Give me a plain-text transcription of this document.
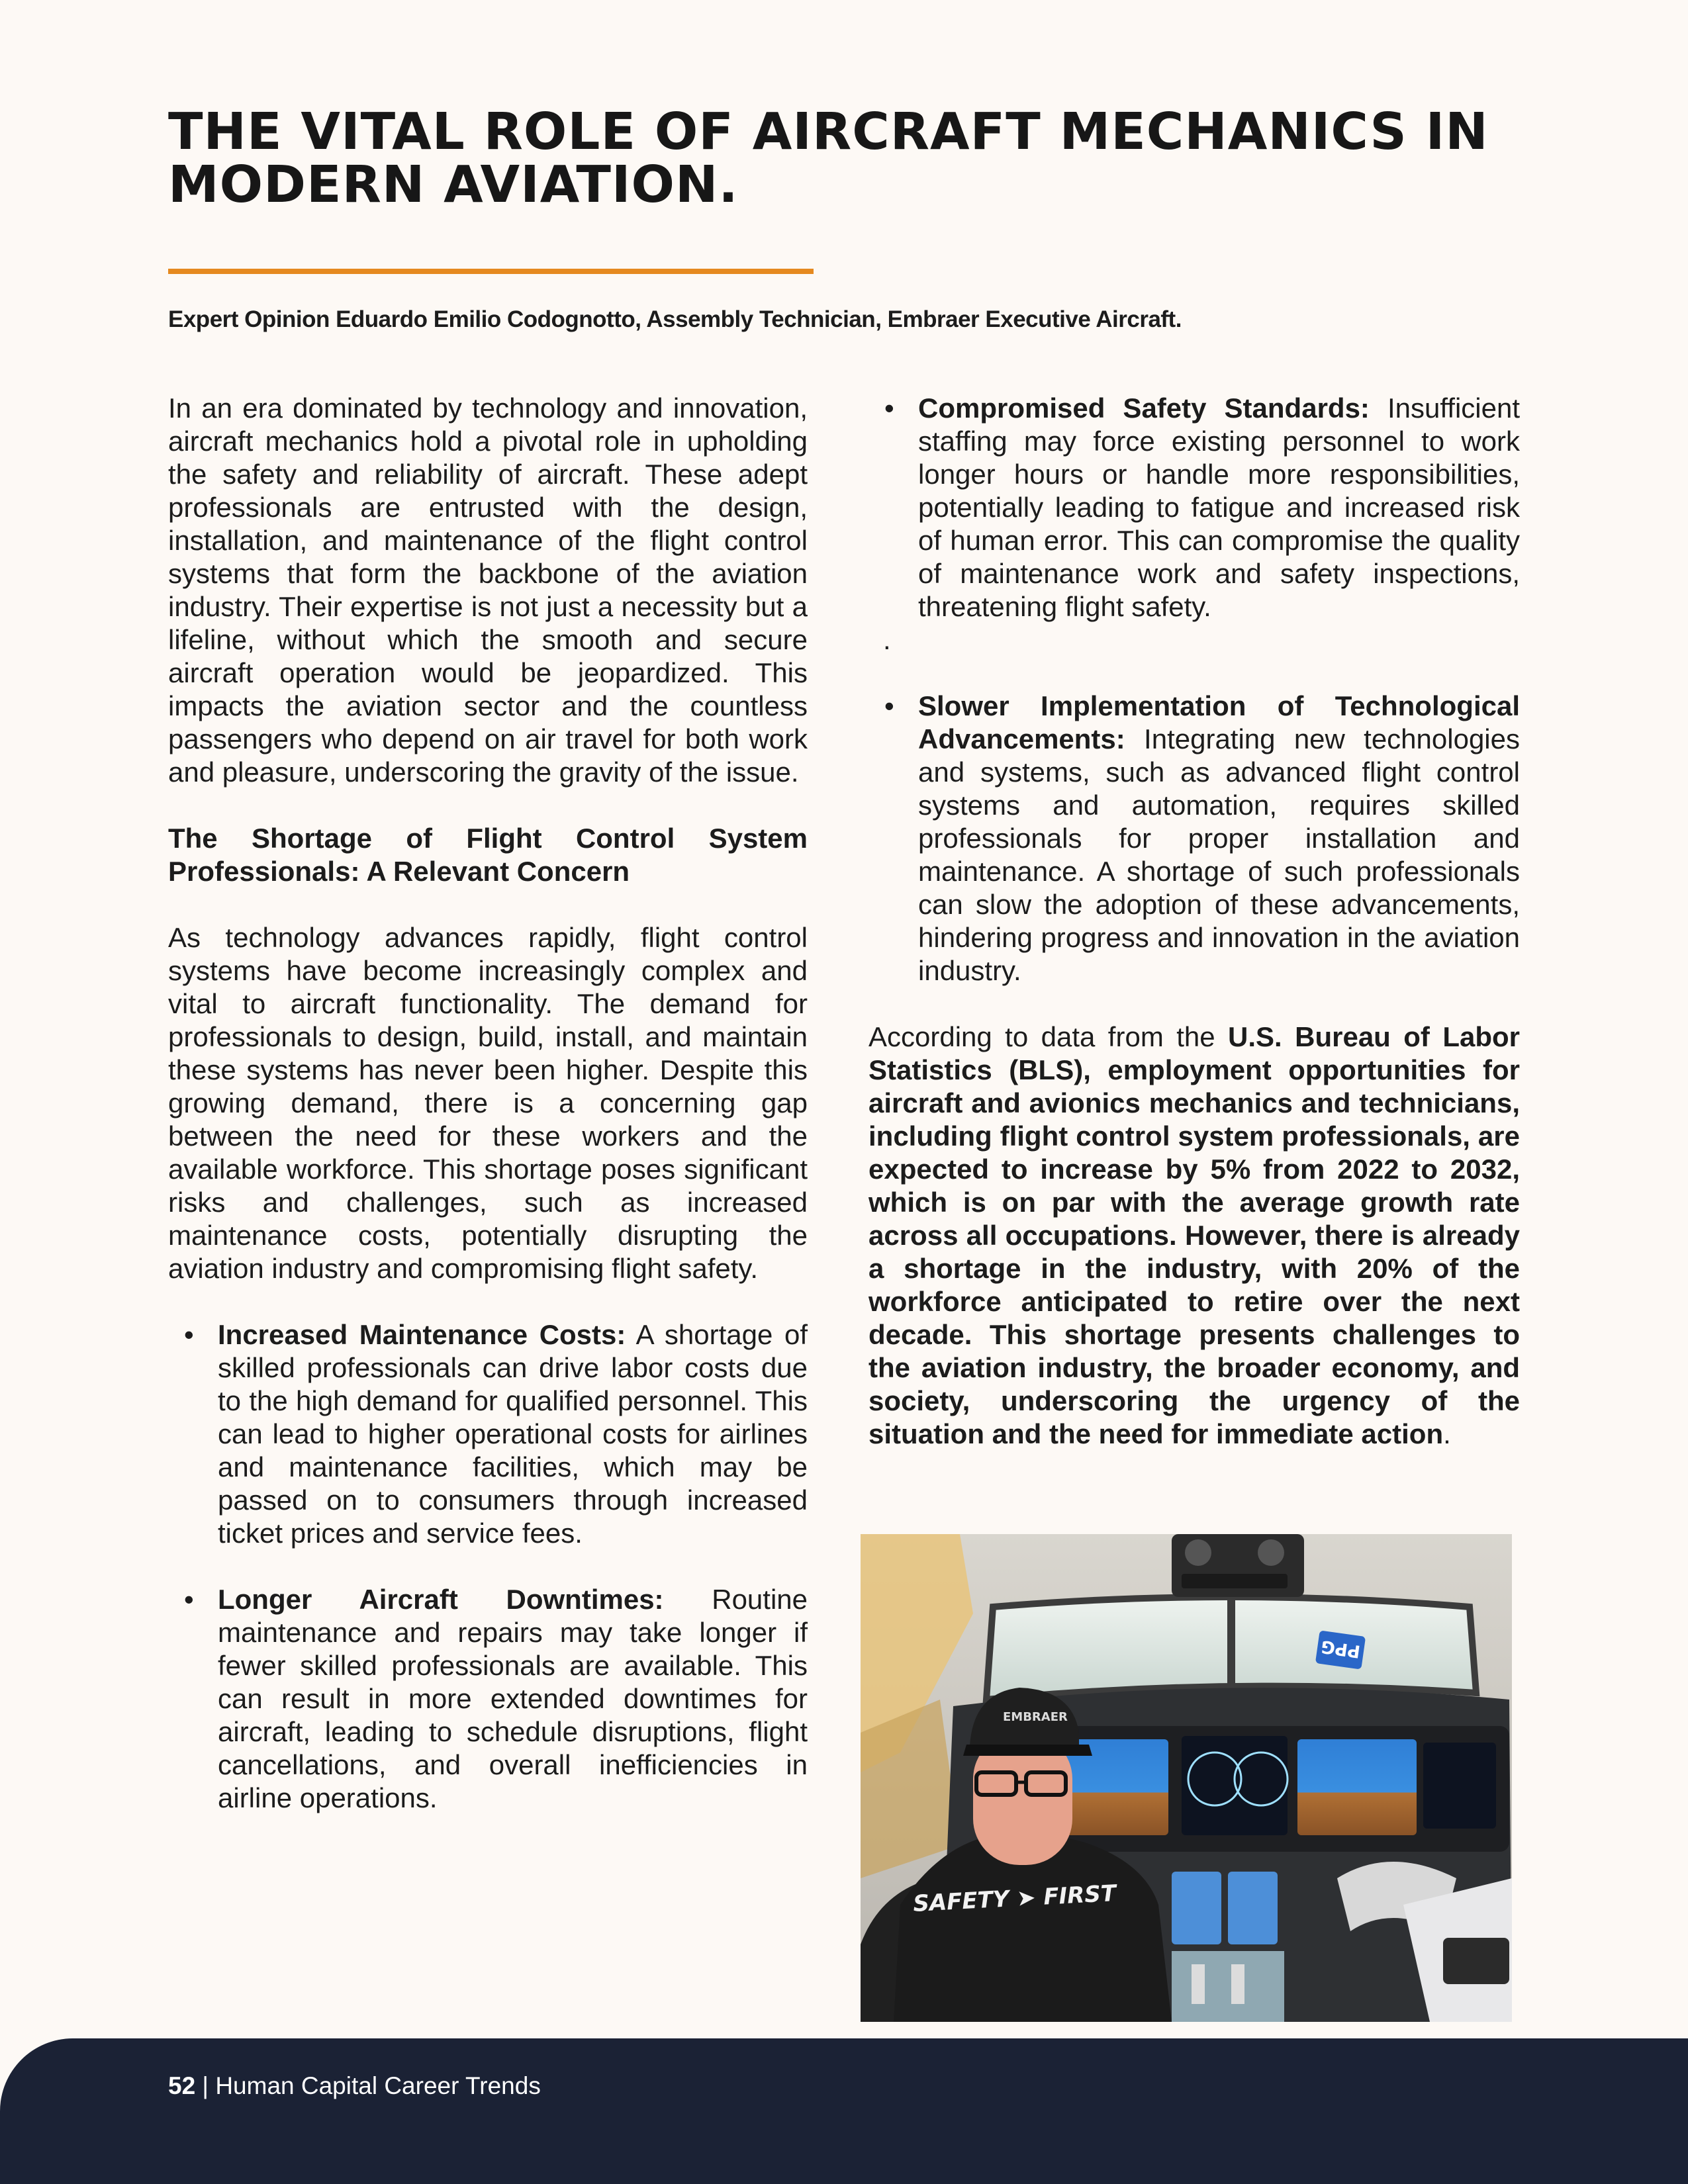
THE VITAL ROLE OF AIRCRAFT MECHANICS IN MODERN AVIATION.

Expert Opinion Eduardo Emilio Codognotto, Assembly Technician, Embraer Executive Aircraft.

In an era dominated by technology and innovation, aircraft mechanics hold a pivotal role in upholding the safety and reliability of aircraft. These adept professionals are entrusted with the design, installation, and maintenance of the flight control systems that form the backbone of the aviation industry. Their expertise is not just a necessity but a lifeline, without which the smooth and secure aircraft operation would be jeopardized. This impacts the aviation sector and the countless passengers who depend on air travel for both work and pleasure, underscoring the gravity of the issue.

The Shortage of Flight Control System Professionals: A Relevant Concern

As technology advances rapidly, flight control systems have become increasingly complex and vital to aircraft functionality. The demand for professionals to design, build, install, and maintain these systems has never been higher. Despite this growing demand, there is a concerning gap between the need for these workers and the available workforce. This shortage poses significant risks and challenges, such as increased maintenance costs, potentially disrupting the aviation industry and compromising flight safety.

• Increased Maintenance Costs: A shortage of skilled professionals can drive labor costs due to the high demand for qualified personnel. This can lead to higher operational costs for airlines and maintenance facilities, which may be passed on to consumers through increased ticket prices and service fees.
• Longer Aircraft Downtimes: Routine maintenance and repairs may take longer if fewer skilled professionals are available. This can result in more extended downtimes for aircraft, leading to schedule disruptions, flight cancellations, and overall inefficiencies in airline operations.
• Compromised Safety Standards: Insufficient staffing may force existing personnel to work longer hours or handle more responsibilities, potentially leading to fatigue and increased risk of human error. This can compromise the quality of maintenance work and safety inspections, threatening flight safety.
.
• Slower Implementation of Technological Advancements: Integrating new technologies and systems, such as advanced flight control systems and automation, requires skilled professionals for proper installation and maintenance. A shortage of such professionals can slow the adoption of these advancements, hindering progress and innovation in the aviation industry.

According to data from the U.S. Bureau of Labor Statistics (BLS), employment opportunities for aircraft and avionics mechanics and technicians, including flight control system professionals, are expected to increase by 5% from 2022 to 2032, which is on par with the average growth rate across all occupations. However, there is already a shortage in the industry, with 20% of the workforce anticipated to retire over the next decade. This shortage presents challenges to the aviation industry, the broader economy, and society, underscoring the urgency of the situation and the need for immediate action.

PPG
EMBRAER
SAFETY ➤ FIRST
52 | Human Capital Career Trends
